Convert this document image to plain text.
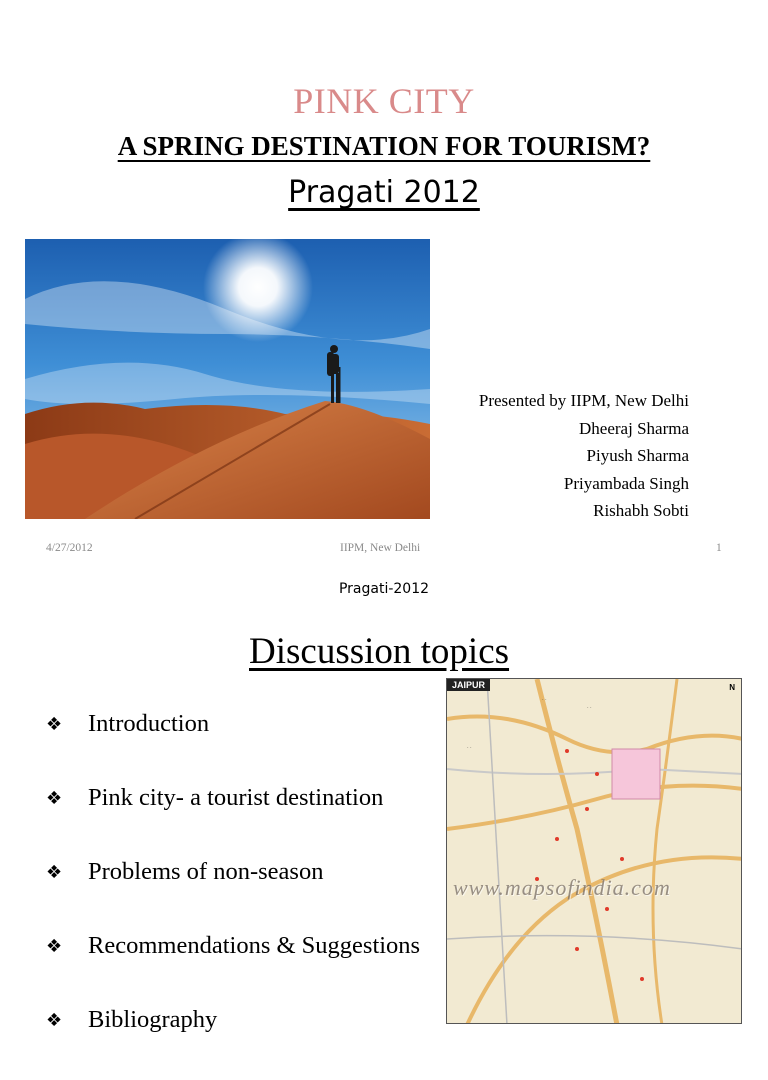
PINK CITY
A SPRING DESTINATION FOR TOURISM?
Pragati 2012
Presented by IIPM, New Delhi
Dheeraj Sharma
Piyush Sharma
Priyambada Singh
Rishabh Sobti
4/27/2012	IIPM, New Delhi	1
Pragati-2012
Discussion topics
❖	Introduction
❖	Pink city- a tourist destination
❖	Problems of non-season
❖	Recommendations & Suggestions
❖	Bibliography
· ·
· ·
· ·
JAIPUR	N
www.mapsofindia.com
